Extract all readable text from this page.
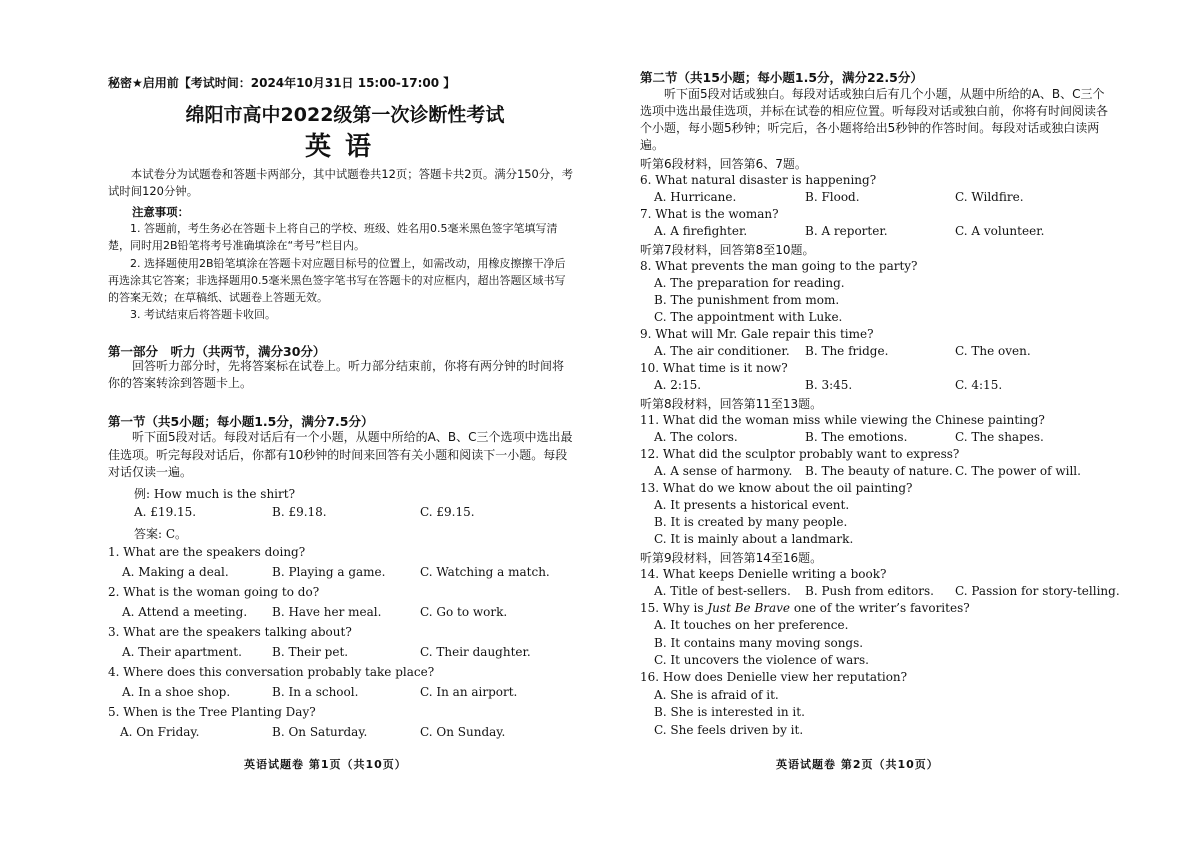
秘密★启用前【考试时间：2024年10月31日 15:00-17:00 】
绵阳市高中2022级第一次诊断性考试
英语
本试卷分为试题卷和答题卡两部分，其中试题卷共12页；答题卡共2页。满分150分，考试时间120分钟。
注意事项：

1. 答题前，考生务必在答题卡上将自己的学校、班级、姓名用0.5毫米黑色签字笔填写清楚，同时用2B铅笔将考号准确填涂在“考号”栏目内。

2. 选择题使用2B铅笔填涂在答题卡对应题目标号的位置上，如需改动，用橡皮擦擦干净后再选涂其它答案；非选择题用0.5毫米黑色签字笔书写在答题卡的对应框内，超出答题区域书写的答案无效；在草稿纸、试题卷上答题无效。

3. 考试结束后将答题卡收回。

第一部分　听力（共两节，满分30分）
回答听力部分时，先将答案标在试卷上。听力部分结束前，你将有两分钟的时间将你的答案转涂到答题卡上。
第一节（共5小题；每小题1.5分，满分7.5分）
听下面5段对话。每段对话后有一个小题，从题中所给的A、B、C三个选项中选出最佳选项。听完每段对话后，你都有10秒钟的时间来回答有关小题和阅读下一小题。每段对话仅读一遍。
例: How much is the shirt?
A. £19.15.	B. £9.18.	C. £9.15.
答案: C。
1. What are the speakers doing?
A. Making a deal.	B. Playing a game.	C. Watching a match.
2. What is the woman going to do?
A. Attend a meeting. B. Have her meal.	C. Go to work.
3. What are the speakers talking about?
A. Their apartment.	B. Their pet.	C. Their daughter.
4. Where does this conversation probably take place?
A. In a shoe shop.	B. In a school.	C. In an airport.
5. When is the Tree Planting Day?
A. On Friday.	B. On Saturday.	C. On Sunday.
英语试题卷 第1页（共10页）
第二节（共15小题；每小题1.5分，满分22.5分）
听下面5段对话或独白。每段对话或独白后有几个小题，从题中所给的A、B、C三个选项中选出最佳选项，并标在试卷的相应位置。听每段对话或独白前，你将有时间阅读各个小题，每小题5秒钟；听完后，各小题将给出5秒钟的作答时间。每段对话或独白读两遍。
听第6段材料，回答第6、7题。
6. What natural disaster is happening?
A. Hurricane.	B. Flood.	C. Wildfire.
7. What is the woman?
A. A firefighter.	B. A reporter.	C. A volunteer.
听第7段材料，回答第8至10题。
8. What prevents the man going to the party?
A. The preparation for reading.
B. The punishment from mom.
C. The appointment with Luke.
9. What will Mr. Gale repair this time?
A. The air conditioner. B. The fridge.	C. The oven.
10. What time is it now?
A. 2:15.	B. 3:45.	C. 4:15.
听第8段材料，回答第11至13题。
11. What did the woman miss while viewing the Chinese painting?
A. The colors.	B. The emotions.	C. The shapes.
12. What did the sculptor probably want to express?
A. A sense of harmony. B. The beauty of nature. C. The power of will.
13. What do we know about the oil painting?
A. It presents a historical event.
B. It is created by many people.
C. It is mainly about a landmark.
听第9段材料，回答第14至16题。
14. What keeps Denielle writing a book?
A. Title of best-sellers. B. Push from editors. C. Passion for story-telling.
15. Why is Just Be Brave one of the writer’s favorites?
A. It touches on her preference.
B. It contains many moving songs.
C. It uncovers the violence of wars.
16. How does Denielle view her reputation?
A. She is afraid of it.
B. She is interested in it.
C. She feels driven by it.
英语试题卷 第2页（共10页）
